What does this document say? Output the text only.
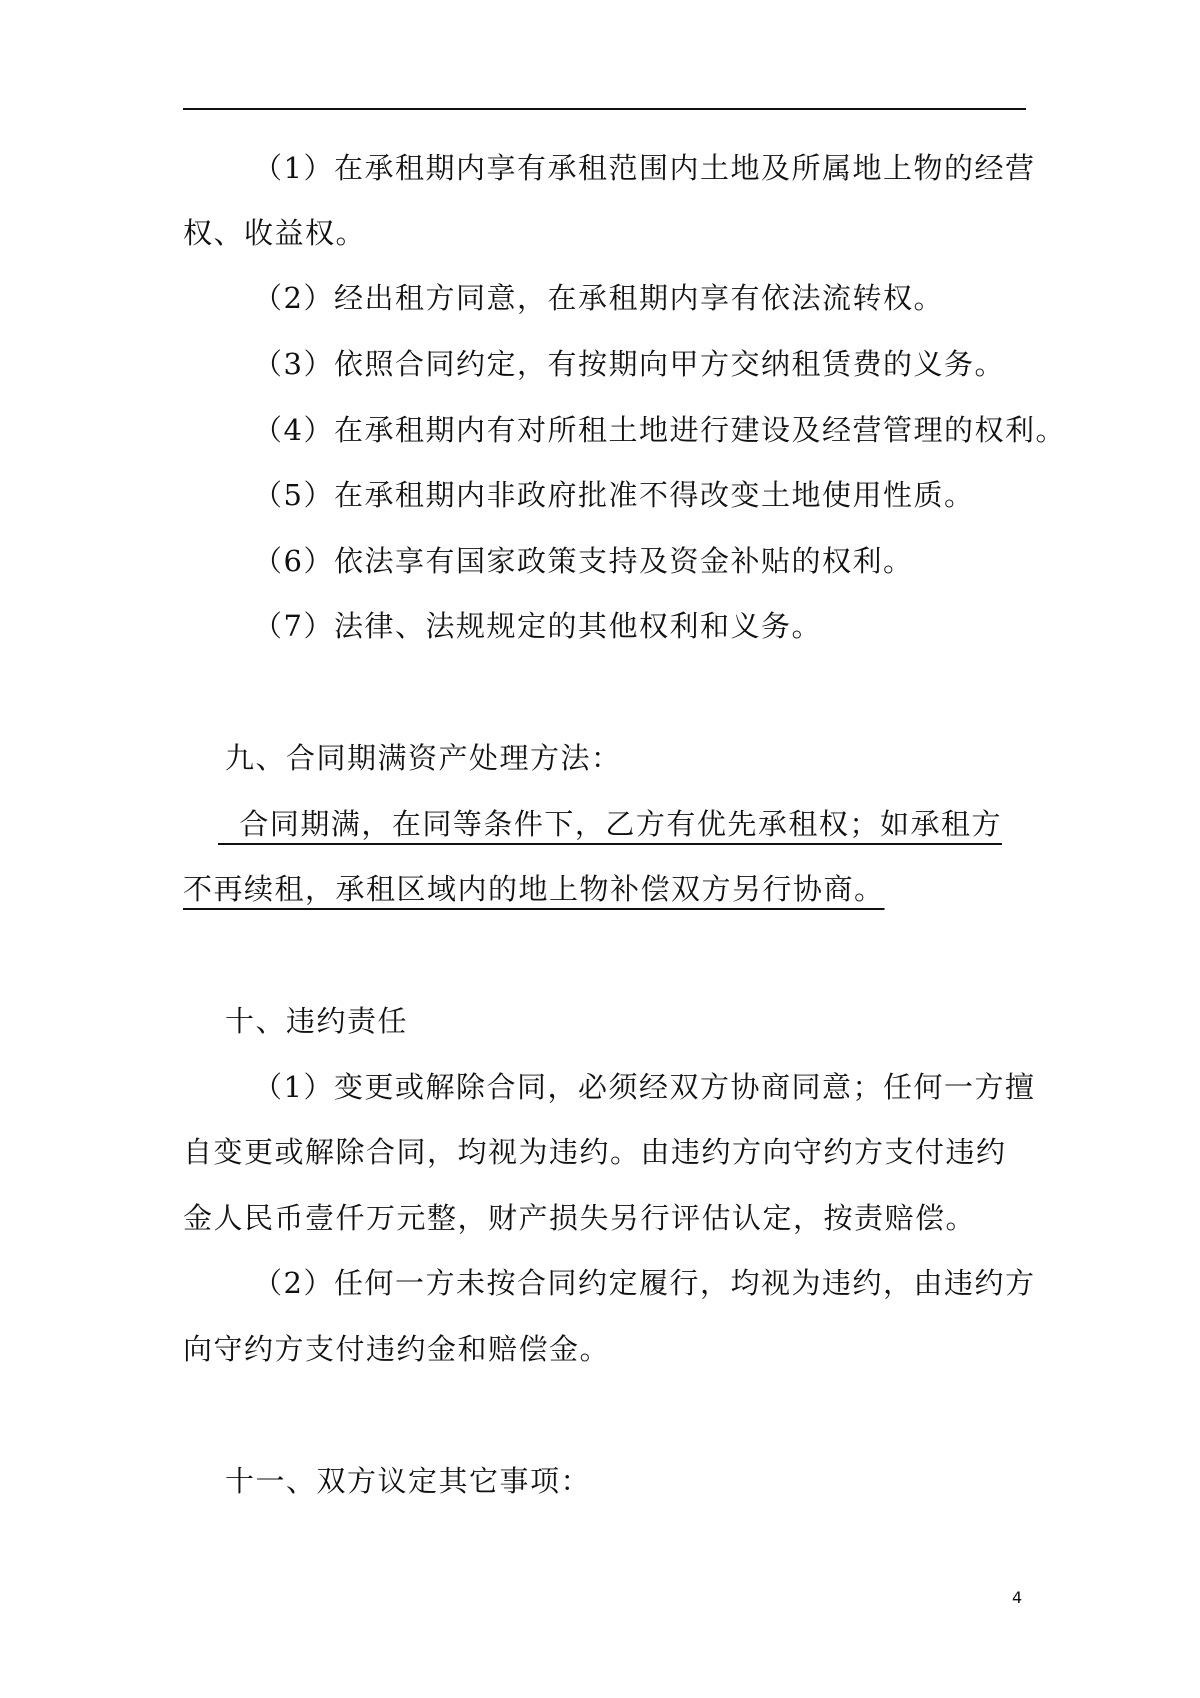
（1）在承租期内享有承租范围内土地及所属地上物的经营
权、收益权。
（2）经出租方同意，在承租期内享有依法流转权。
（3）依照合同约定，有按期向甲方交纳租赁费的义务。
（4）在承租期内有对所租土地进行建设及经营管理的权利。
（5）在承租期内非政府批准不得改变土地使用性质。
（6）依法享有国家政策支持及资金补贴的权利。
（7）法律、法规规定的其他权利和义务。
九、合同期满资产处理方法：
合同期满，在同等条件下，乙方有优先承租权；如承租方
不再续租，承租区域内的地上物补偿双方另行协商。
十、违约责任
（1）变更或解除合同，必须经双方协商同意；任何一方擅
自变更或解除合同，均视为违约。由违约方向守约方支付违约
金人民币壹仟万元整，财产损失另行评估认定，按责赔偿。
（2）任何一方未按合同约定履行，均视为违约，由违约方
向守约方支付违约金和赔偿金。
十一、双方议定其它事项：
4
